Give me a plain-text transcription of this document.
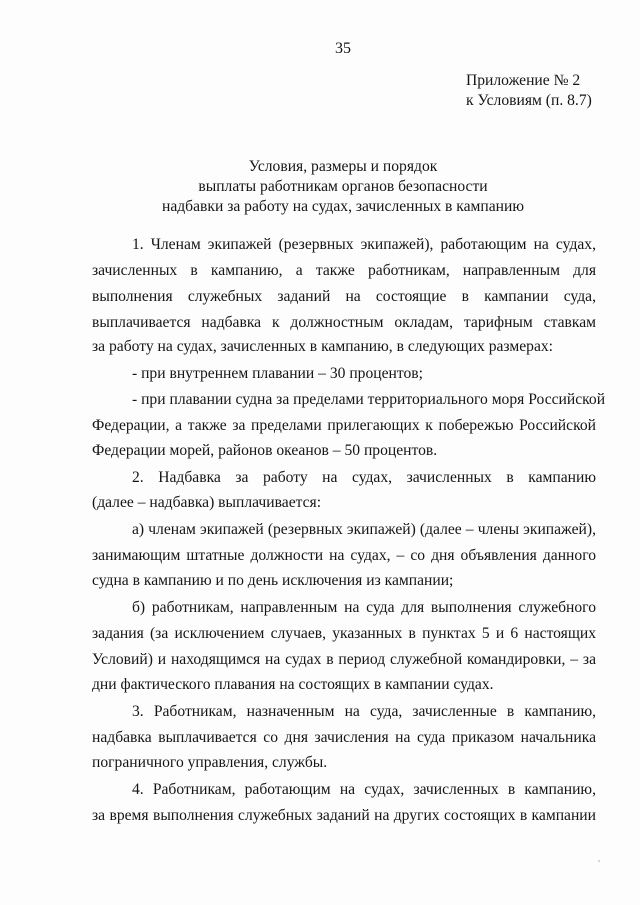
35
Приложение № 2
к Условиям (п. 8.7)
Условия, размеры и порядок
выплаты работникам органов безопасности
надбавки за работу на судах, зачисленных в кампанию
1. Членам экипажей (резервных экипажей), работающим на судах,
зачисленных в кампанию, а также работникам, направленным для
выполнения служебных заданий на состоящие в кампании суда,
выплачивается надбавка к должностным окладам, тарифным ставкам
за работу на судах, зачисленных в кампанию, в следующих размерах:
- при внутреннем плавании – 30 процентов;
- при плавании судна за пределами территориального моря Российской
Федерации, а также за пределами прилегающих к побережью Российской
Федерации морей, районов океанов – 50 процентов.
2. Надбавка за работу на судах, зачисленных в кампанию
(далее – надбавка) выплачивается:
а) членам экипажей (резервных экипажей) (далее – члены экипажей),
занимающим штатные должности на судах, – со дня объявления данного
судна в кампанию и по день исключения из кампании;
б) работникам, направленным на суда для выполнения служебного
задания (за исключением случаев, указанных в пунктах 5 и 6 настоящих
Условий) и находящимся на судах в период служебной командировки, – за
дни фактического плавания на состоящих в кампании судах.
3. Работникам, назначенным на суда, зачисленные в кампанию,
надбавка выплачивается со дня зачисления на суда приказом начальника
пограничного управления, службы.
4. Работникам, работающим на судах, зачисленных в кампанию,
за время выполнения служебных заданий на других состоящих в кампании
